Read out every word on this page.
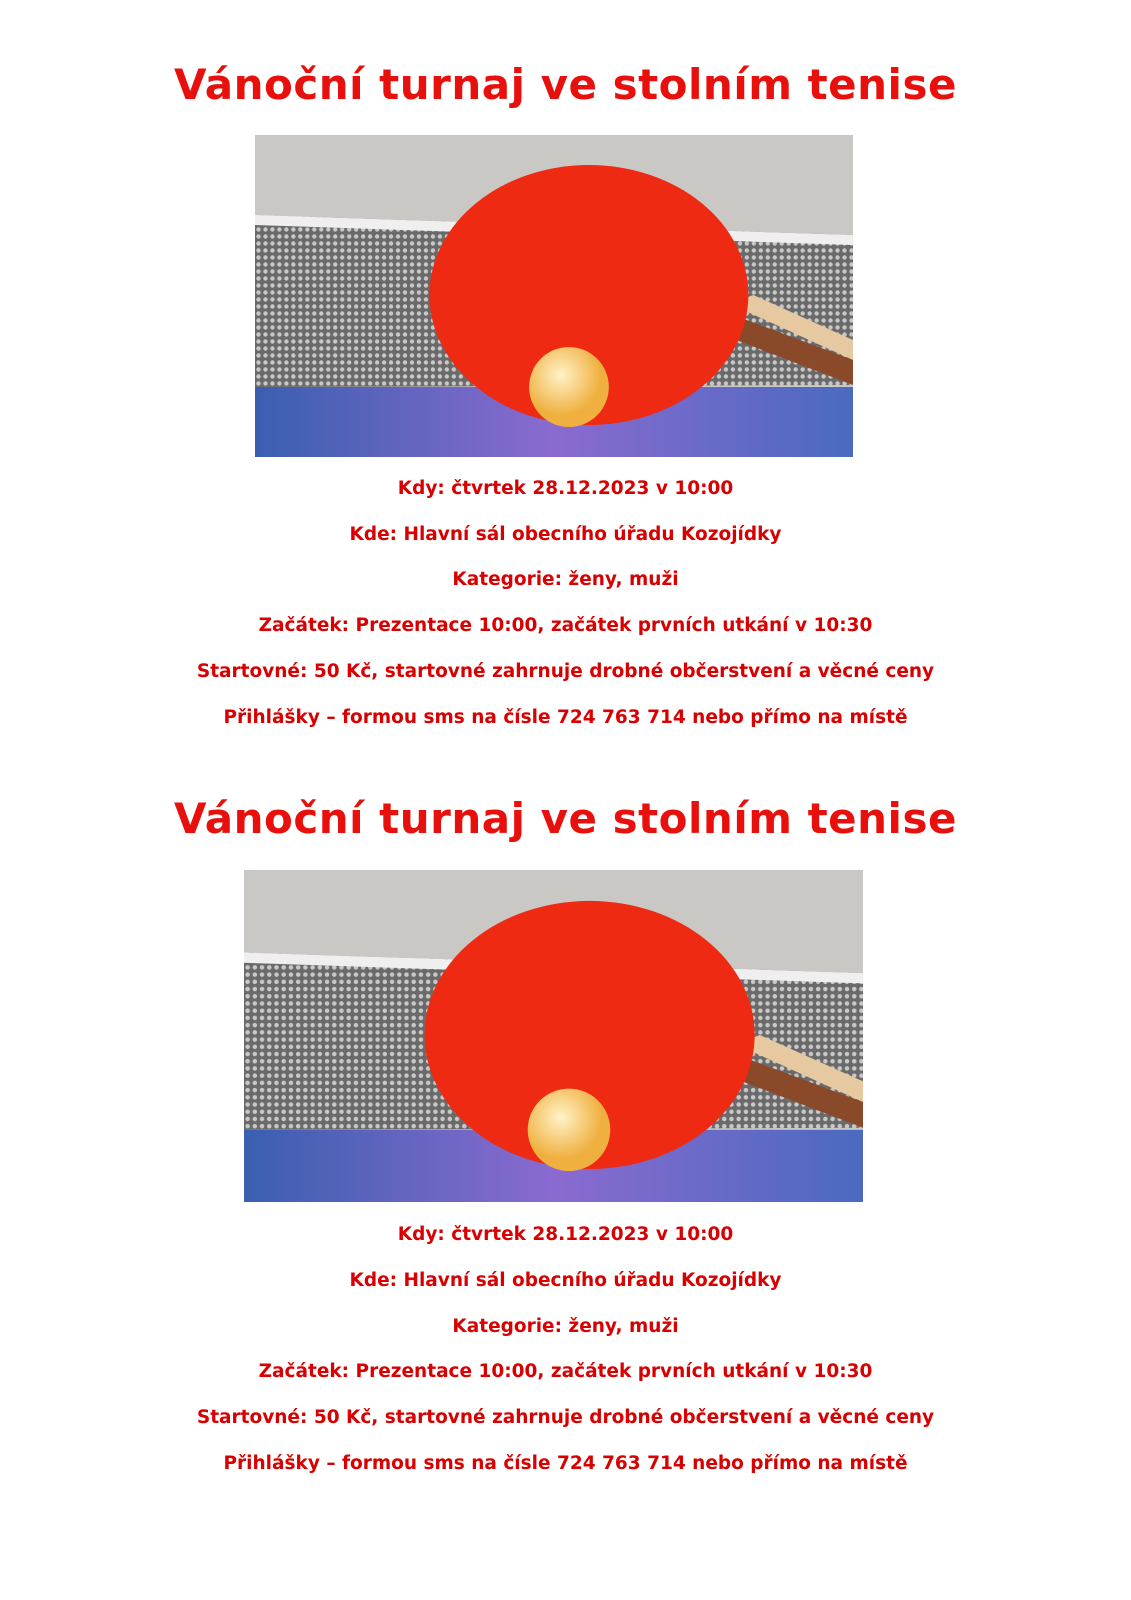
Vánoční turnaj ve stolním tenise
Kdy: čtvrtek 28.12.2023 v 10:00
Kde: Hlavní sál obecního úřadu Kozojídky
Kategorie: ženy, muži
Začátek: Prezentace 10:00, začátek prvních utkání v 10:30
Startovné: 50 Kč, startovné zahrnuje drobné občerstvení a věcné ceny
Přihlášky – formou sms na čísle 724 763 714 nebo přímo na místě
Vánoční turnaj ve stolním tenise
Kdy: čtvrtek 28.12.2023 v 10:00
Kde: Hlavní sál obecního úřadu Kozojídky
Kategorie: ženy, muži
Začátek: Prezentace 10:00, začátek prvních utkání v 10:30
Startovné: 50 Kč, startovné zahrnuje drobné občerstvení a věcné ceny
Přihlášky – formou sms na čísle 724 763 714 nebo přímo na místě
